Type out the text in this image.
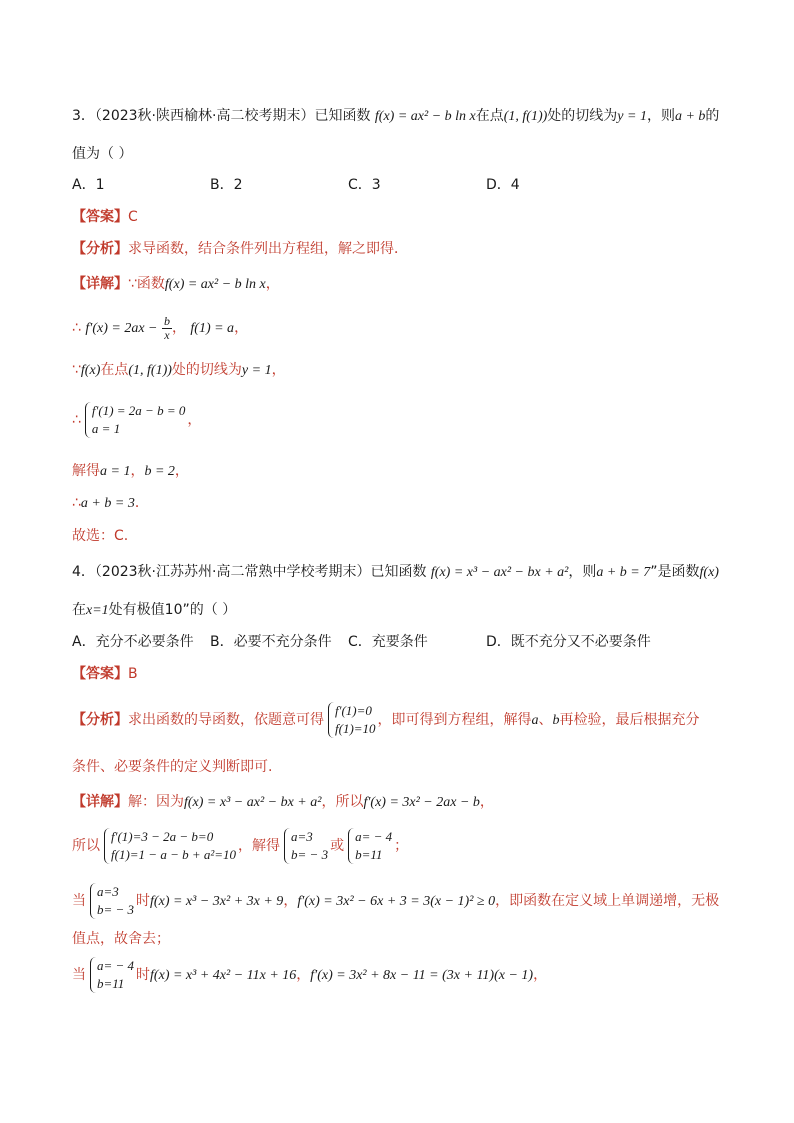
3．（2023秋·陕西榆林·高二校考期末）已知函数 f(x) = ax² − b ln x在点(1, f(1))处的切线为y = 1，则a + b的
值为（ ）
A．1	B．2	C．3	D．4
【答案】C
【分析】求导函数，结合条件列出方程组，解之即得．
【详解】∵函数f(x) = ax² − b ln x，
∴ $f'(x) = 2ax - \frac{b}{x}$ ， f(1) = a，
∵f(x)在点(1, f(1))处的切线为y = 1，
∴
f′(1) = 2a − b = 0
a = 1
，
解得a = 1，b = 2，
∴a + b = 3．
故选：C.
4．（2023秋·江苏苏州·高二常熟中学校考期末）已知函数 f(x) = x³ − ax² − bx + a²，则a + b = 7”是函数f(x)
在x=1处有极值10”的（ ）
A．充分不必要条件 B．必要不充分条件 C．充要条件	D．既不充分又不必要条件
【答案】B
【分析】求出函数的导函数，依题意可得
f′(1)=0
f(1)=10
，即可得到方程组，解得a、b再检验，最后根据充分
条件、必要条件的定义判断即可.
【详解】解：因为f(x) = x³ − ax² − bx + a²，所以f′(x) = 3x² − 2ax − b，
所以
f′(1)=3 − 2a − b=0
f(1)=1 − a − b + a²=10
，解得
a=3
b= − 3
或
a= − 4
b=11
；
当
a=3
b= − 3
时f(x) = x³ − 3x² + 3x + 9，f′(x) = 3x² − 6x + 3 = 3(x − 1)² ≥ 0，即函数在定义域上单调递增，无极
值点，故舍去；
当
a= − 4
b=11
时f(x) = x³ + 4x² − 11x + 16，f′(x) = 3x² + 8x − 11 = (3x + 11)(x − 1)，
